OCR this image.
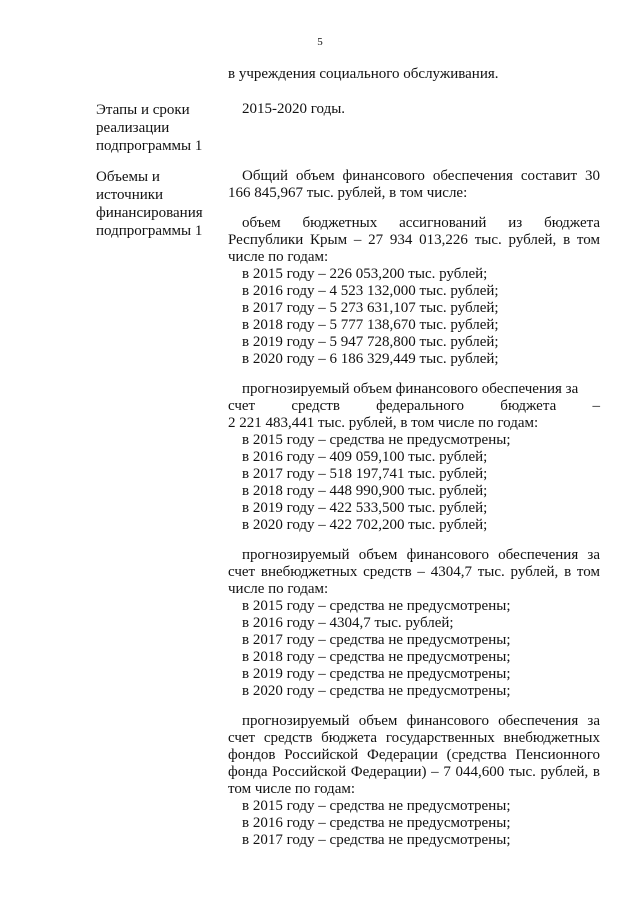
5
в учреждения социального обслуживания.
Этапы и сроки реализации подпрограммы 1
2015-2020 годы.
Объемы и источники финансирования подпрограммы 1
Общий объем финансового обеспечения составит 30 166 845,967 тыс. рублей, в том числе:
объем бюджетных ассигнований из бюджета Республики Крым – 27 934 013,226 тыс. рублей, в том числе по годам:
в 2015 году – 226 053,200 тыс. рублей;
в 2016 году – 4 523 132,000 тыс. рублей;
в 2017 году – 5 273 631,107 тыс. рублей;
в 2018 году – 5 777 138,670 тыс. рублей;
в 2019 году – 5 947 728,800 тыс. рублей;
в 2020 году – 6 186 329,449 тыс. рублей;
прогнозируемый объем финансового обеспечения за
счет средств федерального бюджета –
2 221 483,441 тыс. рублей, в том числе по годам:
в 2015 году – средства не предусмотрены;
в 2016 году – 409 059,100 тыс. рублей;
в 2017 году – 518 197,741 тыс. рублей;
в 2018 году – 448 990,900 тыс. рублей;
в 2019 году – 422 533,500 тыс. рублей;
в 2020 году – 422 702,200 тыс. рублей;
прогнозируемый объем финансового обеспечения за счет внебюджетных средств – 4304,7 тыс. рублей, в том числе по годам:
в 2015 году – средства не предусмотрены;
в 2016 году – 4304,7 тыс. рублей;
в 2017 году – средства не предусмотрены;
в 2018 году – средства не предусмотрены;
в 2019 году – средства не предусмотрены;
в 2020 году – средства не предусмотрены;
прогнозируемый объем финансового обеспечения за счет средств бюджета государственных внебюджетных фондов Российской Федерации (средства Пенсионного фонда Российской Федерации) – 7 044,600 тыс. рублей, в том числе по годам:
в 2015 году – средства не предусмотрены;
в 2016 году – средства не предусмотрены;
в 2017 году – средства не предусмотрены;
